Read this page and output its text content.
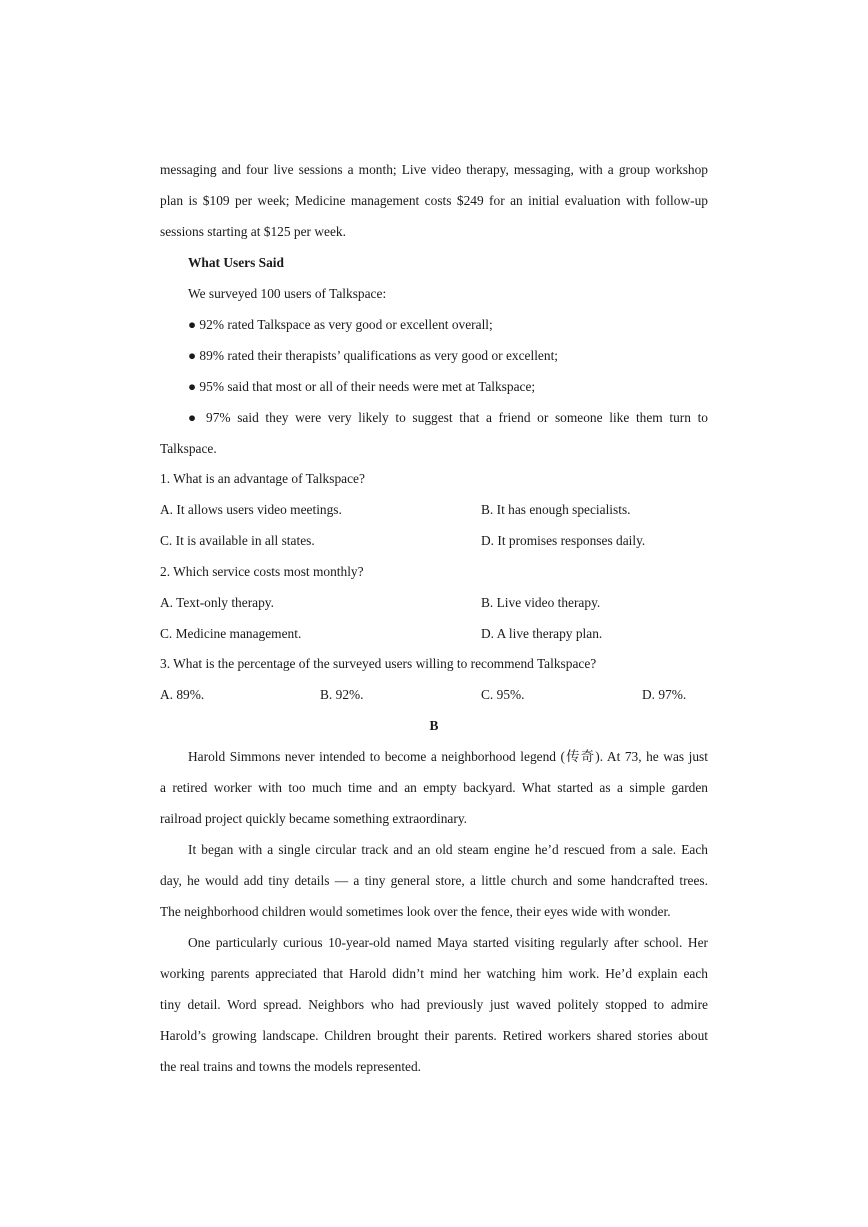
messaging and four live sessions a month; Live video therapy, messaging, with a group workshop
plan is $109 per week; Medicine management costs $249 for an initial evaluation with follow-up
sessions starting at $125 per week.
What Users Said
We surveyed 100 users of Talkspace:
● 92% rated Talkspace as very good or excellent overall;
● 89% rated their therapists’ qualifications as very good or excellent;
● 95% said that most or all of their needs were met at Talkspace;
● 97% said they were very likely to suggest that a friend or someone like them turn to
Talkspace.
1. What is an advantage of Talkspace?
A. It allows users video meetings.	B. It has enough specialists.
C. It is available in all states.	D. It promises responses daily.
2. Which service costs most monthly?
A. Text-only therapy.	B. Live video therapy.
C. Medicine management.	D. A live therapy plan.
3. What is the percentage of the surveyed users willing to recommend Talkspace?
A. 89%.	B. 92%.	C. 95%.	D. 97%.
B
Harold Simmons never intended to become a neighborhood legend (传奇). At 73, he was just
a retired worker with too much time and an empty backyard. What started as a simple garden
railroad project quickly became something extraordinary.
It began with a single circular track and an old steam engine he’d rescued from a sale. Each
day, he would add tiny details — a tiny general store, a little church and some handcrafted trees.
The neighborhood children would sometimes look over the fence, their eyes wide with wonder.
One particularly curious 10-year-old named Maya started visiting regularly after school. Her
working parents appreciated that Harold didn’t mind her watching him work. He’d explain each
tiny detail. Word spread. Neighbors who had previously just waved politely stopped to admire
Harold’s growing landscape. Children brought their parents. Retired workers shared stories about
the real trains and towns the models represented.
